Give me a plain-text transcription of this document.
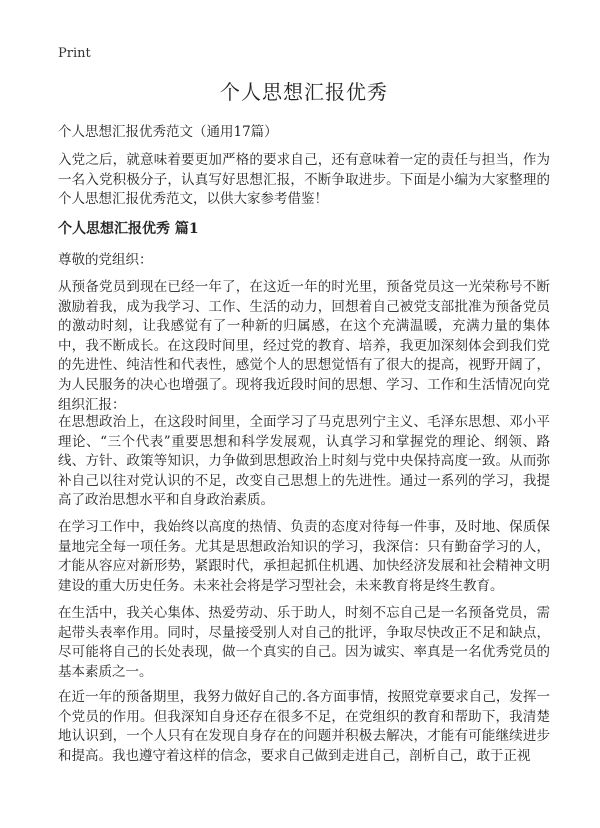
Print
个人思想汇报优秀

个人思想汇报优秀范文（通用17篇）

入党之后，就意味着要更加严格的要求自己，还有意味着一定的责任与担当，作为一名入党积极分子，认真写好思想汇报，不断争取进步。下面是小编为大家整理的个人思想汇报优秀范文，以供大家参考借鉴！

个人思想汇报优秀 篇1

尊敬的党组织：

从预备党员到现在已经一年了，在这近一年的时光里，预备党员这一光荣称号不断激励着我，成为我学习、工作、生活的动力，回想着自己被党支部批准为预备党员的激动时刻，让我感觉有了一种新的归属感，在这个充满温暖，充满力量的集体中，我不断成长。在这段时间里，经过党的教育、培养，我更加深刻体会到我们党的先进性、纯洁性和代表性，感觉个人的思想觉悟有了很大的提高，视野开阔了，为人民服务的决心也增强了。现将我近段时间的思想、学习、工作和生活情况向党组织汇报：

在思想政治上，在这段时间里，全面学习了马克思列宁主义、毛泽东思想、邓小平理论、“三个代表”重要思想和科学发展观，认真学习和掌握党的理论、纲领、路线、方针、政策等知识，力争做到思想政治上时刻与党中央保持高度一致。从而弥补自己以往对党认识的不足，改变自己思想上的先进性。通过一系列的学习，我提高了政治思想水平和自身政治素质。

在学习工作中，我始终以高度的热情、负责的态度对待每一件事，及时地、保质保量地完全每一项任务。尤其是思想政治知识的学习，我深信：只有勤奋学习的人，才能从容应对新形势，紧跟时代，承担起抓住机遇、加快经济发展和社会精神文明建设的重大历史任务。未来社会将是学习型社会，未来教育将是终生教育。

在生活中，我关心集体、热爱劳动、乐于助人，时刻不忘自己是一名预备党员，需起带头表率作用。同时，尽量接受别人对自己的批评，争取尽快改正不足和缺点，尽可能将自己的长处表现，做一个真实的自己。因为诚实、率真是一名优秀党员的基本素质之一。

在近一年的预备期里，我努力做好自己的.各方面事情，按照党章要求自己，发挥一个党员的作用。但我深知自身还存在很多不足，在党组织的教育和帮助下，我清楚地认识到，一个人只有在发现自身存在的问题并积极去解决，才能有可能继续进步和提高。我也遵守着这样的信念，要求自己做到走进自己，剖析自己，敢于正视
